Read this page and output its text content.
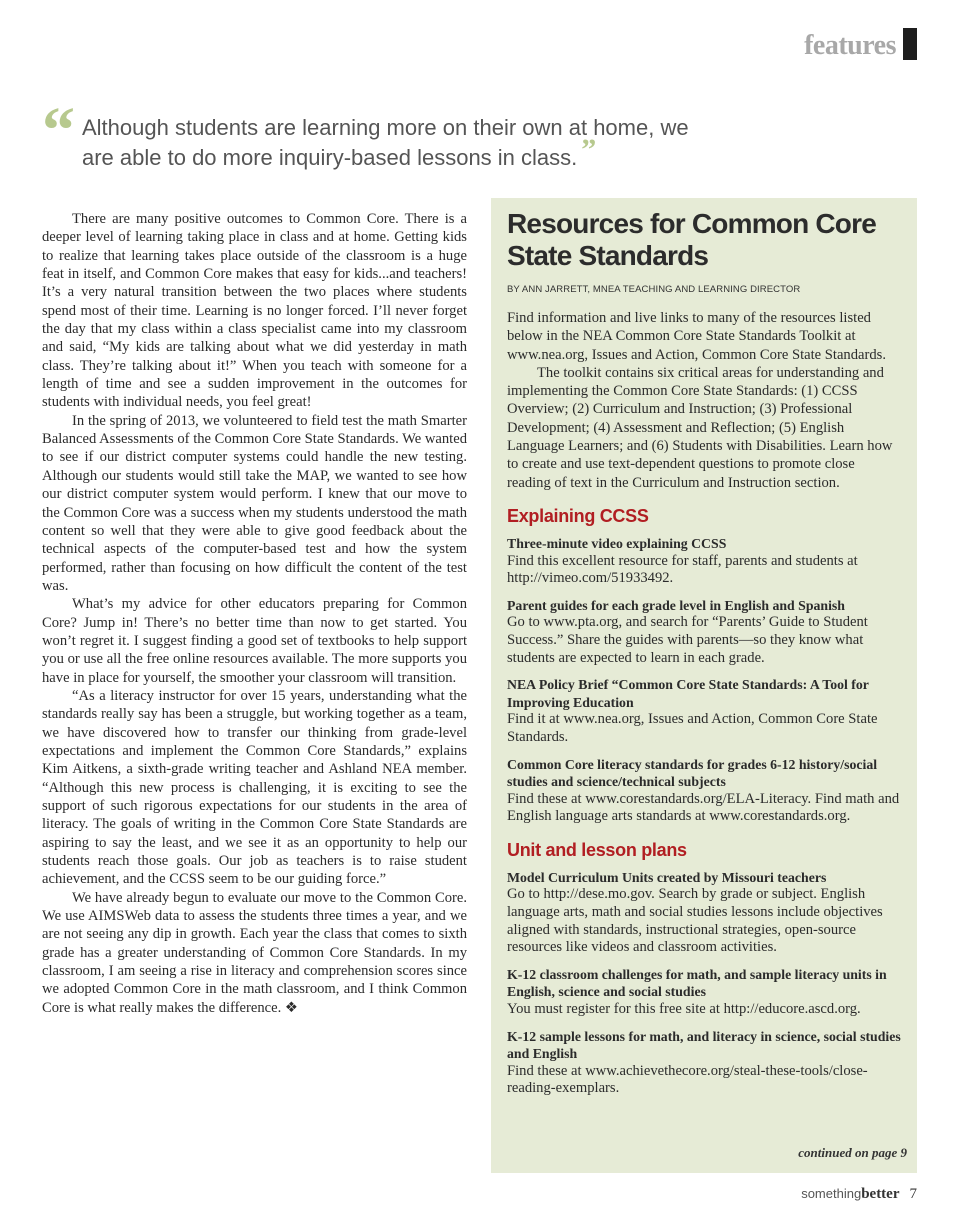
features
“ Although students are learning more on their own at home, we are able to do more inquiry-based lessons in class. ”

There are many positive outcomes to Common Core. There is a deeper level of learning taking place in class and at home. Getting kids to realize that learning takes place outside of the classroom is a huge feat in itself, and Common Core makes that easy for kids...and teachers! It’s a very natural transition between the two places where students spend most of their time. Learning is no longer forced. I’ll never forget the day that my class within a class specialist came into my classroom and said, “My kids are talking about what we did yesterday in math class. They’re talking about it!” When you teach with someone for a length of time and see a sudden improvement in the outcomes for students with individual needs, you feel great!

In the spring of 2013, we volunteered to field test the math Smarter Balanced Assessments of the Common Core State Standards. We wanted to see if our district computer systems could handle the new testing. Although our students would still take the MAP, we wanted to see how our district computer system would perform. I knew that our move to the Common Core was a success when my students understood the math content so well that they were able to give good feedback about the technical aspects of the computer-based test and how the system performed, rather than focusing on how difficult the content of the test was.

What’s my advice for other educators preparing for Common Core? Jump in! There’s no better time than now to get started. You won’t regret it. I suggest finding a good set of textbooks to help support you or use all the free online resources available. The more supports you have in place for yourself, the smoother your classroom will transition.

“As a literacy instructor for over 15 years, understanding what the standards really say has been a struggle, but working together as a team, we have discovered how to transfer our thinking from grade-level expectations and implement the Common Core Standards,” explains Kim Aitkens, a sixth-grade writing teacher and Ashland NEA member. “Although this new process is challenging, it is exciting to see the support of such rigorous expectations for our students in the area of literacy. The goals of writing in the Common Core State Standards are aspiring to say the least, and we see it as an opportunity to help our students reach those goals. Our job as teachers is to raise student achievement, and the CCSS seem to be our guiding force.”

We have already begun to evaluate our move to the Common Core. We use AIMSWeb data to assess the students three times a year, and we are not seeing any dip in growth. Each year the class that comes to sixth grade has a greater understanding of Common Core Standards. In my classroom, I am seeing a rise in literacy and comprehension scores since we adopted Common Core in the math classroom, and I think Common Core is what really makes the difference. ❖

Resources for Common Core State Standards
BY ANN JARRETT, MNEA TEACHING AND LEARNING DIRECTOR

Find information and live links to many of the resources listed below in the NEA Common Core State Standards Toolkit at www.nea.org, Issues and Action, Common Core State Standards.

The toolkit contains six critical areas for understanding and implementing the Common Core State Standards: (1) CCSS Overview; (2) Curriculum and Instruction; (3) Professional Development; (4) Assessment and Reflection; (5) English Language Learners; and (6) Students with Disabilities. Learn how to create and use text-dependent questions to promote close reading of text in the Curriculum and Instruction section.

Explaining CCSS
Three-minute video explaining CCSS
Find this excellent resource for staff, parents and students at http://vimeo.com/51933492.
Parent guides for each grade level in English and Spanish
Go to www.pta.org, and search for “Parents’ Guide to Student Success.” Share the guides with parents—so they know what students are expected to learn in each grade.
NEA Policy Brief “Common Core State Standards: A Tool for Improving Education
Find it at www.nea.org, Issues and Action, Common Core State Standards.
Common Core literacy standards for grades 6-12 history/social studies and science/technical subjects
Find these at www.corestandards.org/ELA-Literacy. Find math and English language arts standards at www.corestandards.org.
Unit and lesson plans
Model Curriculum Units created by Missouri teachers
Go to http://dese.mo.gov. Search by grade or subject. English language arts, math and social studies lessons include objectives aligned with standards, instructional strategies, open-source resources like videos and classroom activities.
K-12 classroom challenges for math, and sample literacy units in English, science and social studies
You must register for this free site at http://educore.ascd.org.
K-12 sample lessons for math, and literacy in science, social studies and English
Find these at www.achievethecore.org/steal-these-tools/close-reading-exemplars.
continued on page 9
somethingbetter 7
